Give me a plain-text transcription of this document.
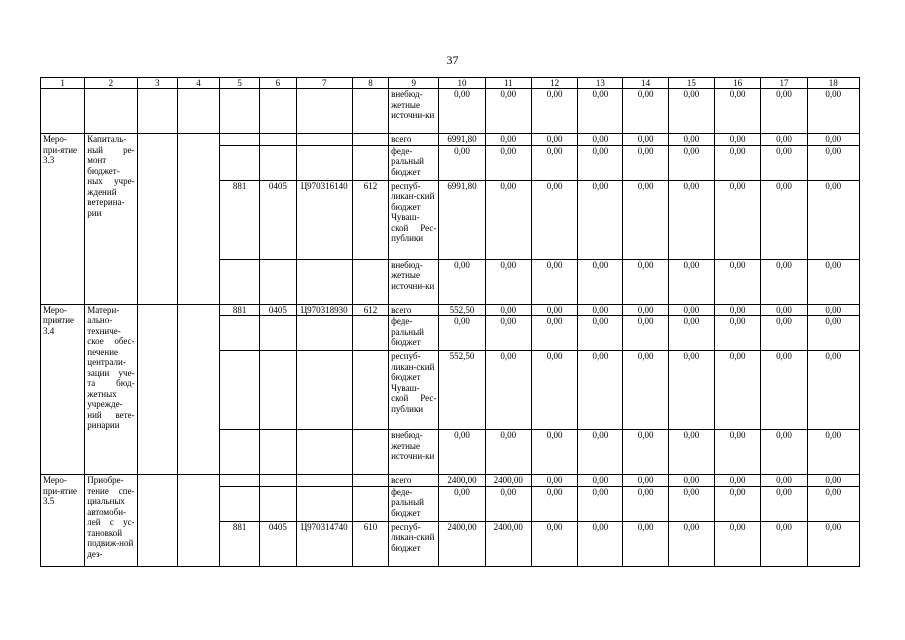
37
1	2	3	4	5	6	7	8	9	10	11	12	13	14	15	16	17	18
								внебюд-жетные источни-ки	0,00	0,00	0,00	0,00	0,00	0,00	0,00	0,00	0,00
Меро-при-ятие 3.3	Капиталь-ный ре-монт бюджет-ных учре-ждений ветерина-рии							всего	6991,80	0,00	0,00	0,00	0,00	0,00	0,00	0,00	0,00
								феде-ральный бюджет	0,00	0,00	0,00	0,00	0,00	0,00	0,00	0,00	0,00
				881	0405	Ц970316140	612	респуб-ликан-ский бюджет Чуваш-ской Рес-публики	6991,80	0,00	0,00	0,00	0,00	0,00	0,00	0,00	0,00
								внебюд-жетные источни-ки	0,00	0,00	0,00	0,00	0,00	0,00	0,00	0,00	0,00
Меро-приятие 3.4	Матери-ально-техниче-ское обес-печение централи-зации уче-та бюд-жетных учрежде-ний вете-ринарии			881	0405	Ц970318930	612	всего	552,50	0,00	0,00	0,00	0,00	0,00	0,00	0,00	0,00
								феде-ральный бюджет	0,00	0,00	0,00	0,00	0,00	0,00	0,00	0,00	0,00
								респуб-ликан-ский бюджет Чуваш-ской Рес-публики	552,50	0,00	0,00	0,00	0,00	0,00	0,00	0,00	0,00
								внебюд-жетные источни-ки	0,00	0,00	0,00	0,00	0,00	0,00	0,00	0,00	0,00
Меро-при-ятие 3.5	Приобре-тение спе-циальных автомоби-лей с ус-тановкой подвиж-ной дез-							всего	2400,00	2400,00	0,00	0,00	0,00	0,00	0,00	0,00	0,00
								феде-ральный бюджет	0,00	0,00	0,00	0,00	0,00	0,00	0,00	0,00	0,00
				881	0405	Ц970314740	610	респуб-ликан-ский бюджет	2400,00	2400,00	0,00	0,00	0,00	0,00	0,00	0,00	0,00
